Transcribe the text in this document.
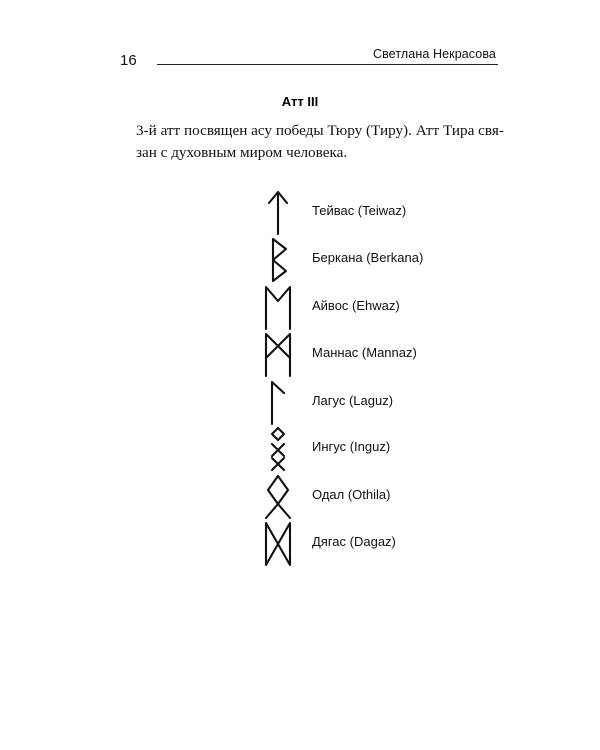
16	Светлана Некрасова
Атт III

3-й атт посвящен асу победы Тюру (Тиру). Атт Тира свя-
зан с духовным миром человека.

Тейвас (Teiwaz)
Беркана (Berkana)
Айвос (Ehwaz)
Маннас (Mannaz)
Лагус (Laguz)
Ингус (Inguz)
Одал (Othila)
Дягас (Dagaz)
